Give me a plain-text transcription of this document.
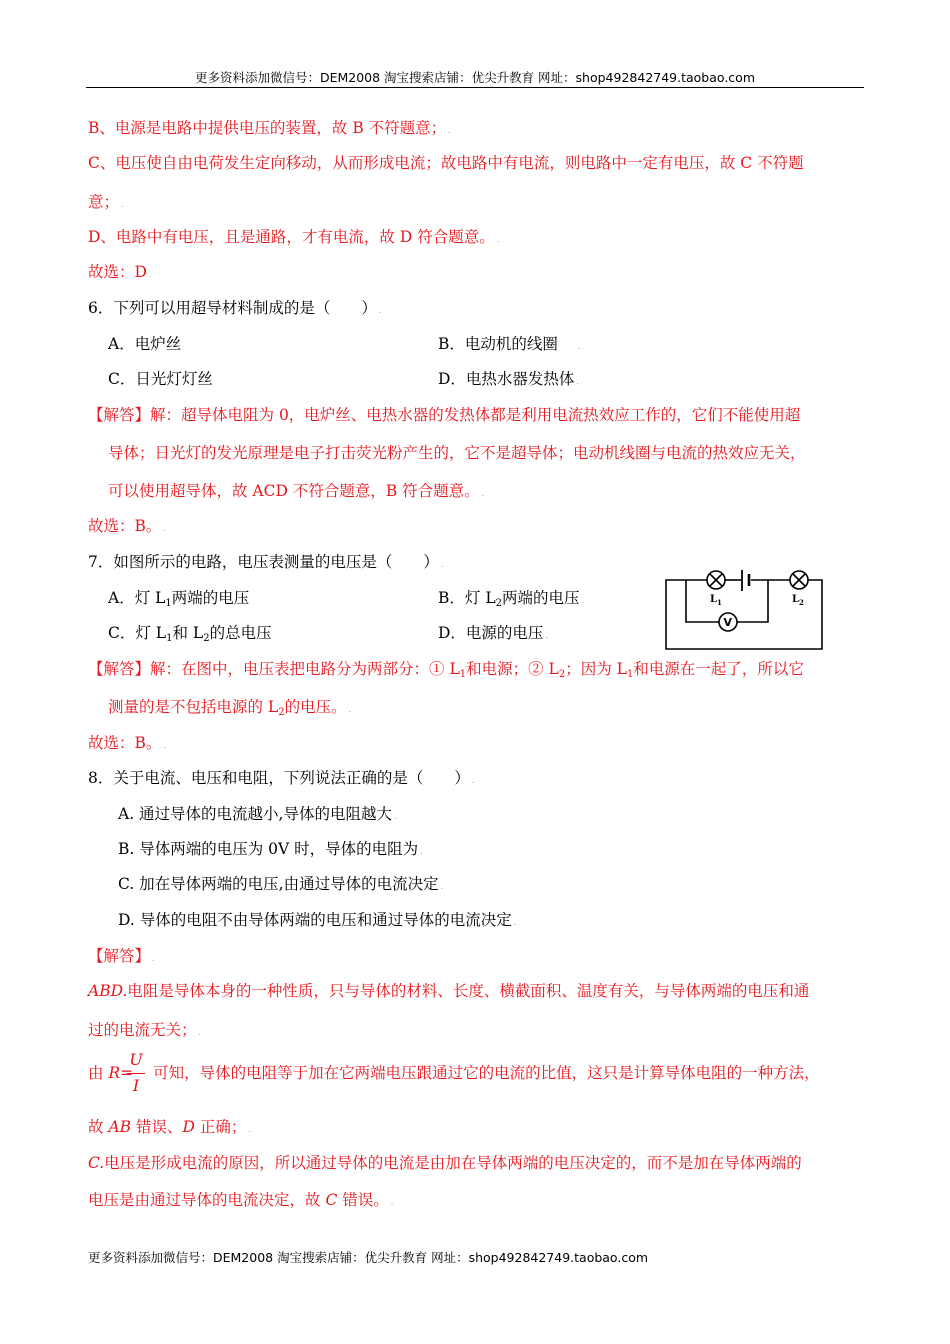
更多资料添加微信号：DEM2008 淘宝搜索店铺：优尖升教育 网址：shop492842749.taobao.com
B、电源是电路中提供电压的装置，故 B 不符题意； .
C、电压使自由电荷发生定向移动，从而形成电流；故电路中有电流，则电路中一定有电压，故 C 不符题
意； .
D、电路中有电压，且是通路，才有电流，故 D 符合题意。 .
故选：D .
6．下列可以用超导材料制成的是（　　） .
A．电炉丝	B．电动机的线圈	.
C．日光灯灯丝	D．电热水器发热体 .
【解答】解：超导体电阻为 0，电炉丝、电热水器的发热体都是利用电流热效应工作的，它们不能使用超
导体；日光灯的发光原理是电子打击荧光粉产生的，它不是超导体；电动机线圈与电流的热效应无关，
可以使用超导体，故 ACD 不符合题意，B 符合题意。 .
故选：B。 .
7．如图所示的电路，电压表测量的电压是（　　） .
A．灯 $L_1$两端的电压	B．灯 $L_2$两端的电压 .
C．灯 $L_1$和 $L_2$的总电压	D．电源的电压 .
V
$L_1$	$L_2$
【解答】解：在图中，电压表把电路分为两部分：① $L_1$和电源；② $L_2$；因为 $L_1$和电源在一起了，所以它
测量的是不包括电源的 $L_2$的电压。 .
故选：B。 .
8．关于电流、电压和电阻，下列说法正确的是（　　） .
A. 通过导体的电流越小,导体的电阻越大 .
B. 导体两端的电压为 0V 时，导体的电阻为 .
C. 加在导体两端的电压,由通过导体的电流决定 .
D. 导体的电阻不由导体两端的电压和通过导体的电流决定 .
【解答】 .
ABD.电阻是导体本身的一种性质，只与导体的材料、长度、横截面积、温度有关，与导体两端的电压和通
过的电流无关； .
由 R= 可知，导体的电阻等于加在它两端电压跟通过它的电流的比值，这只是计算导体电阻的一种方法，
U
I
故 AB 错误、D 正确； .
C.电压是形成电流的原因，所以通过导体的电流是由加在导体两端的电压决定的，而不是加在导体两端的
电压是由通过导体的电流决定，故 C 错误。 .
更多资料添加微信号：DEM2008 淘宝搜索店铺：优尖升教育 网址：shop492842749.taobao.com
